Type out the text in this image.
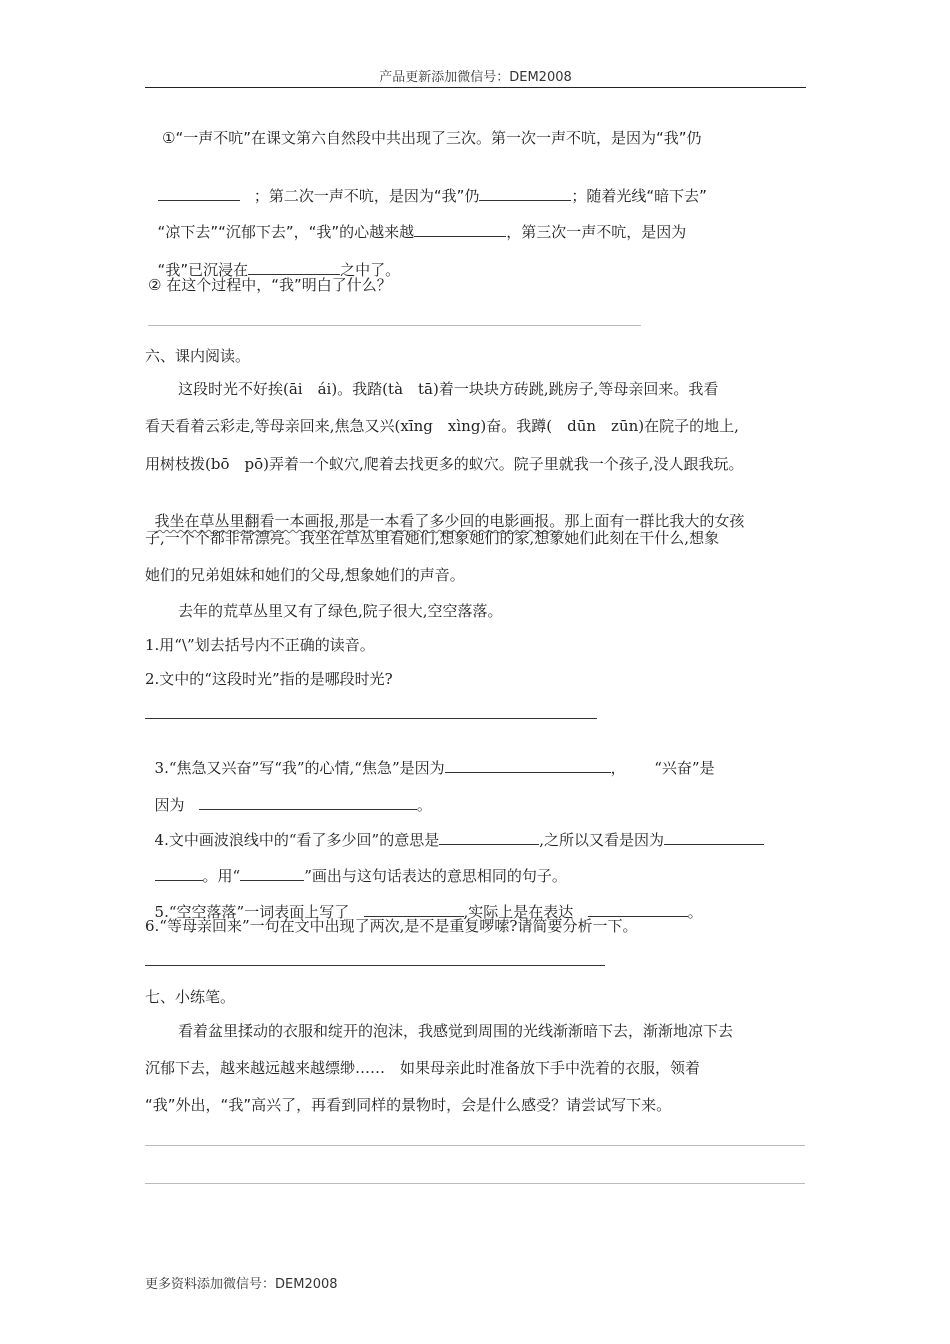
产品更新添加微信号：DEM2008
①“一声不吭”在课文第六自然段中共出现了三次。第一次一声不吭，是因为“我”仍

；第二次一声不吭，是因为“我”仍	；随着光线“暗下去”

“凉下去”“沉郁下去”，“我”的心越来越	，第三次一声不吭，是因为

“我”已沉浸在	之中了。

② 在这个过程中，“我”明白了什么？
六、课内阅读。
这段时光不好挨(āi　ái)。我踏(tà　tā)着一块块方砖跳,跳房子,等母亲回来。我看
看天看着云彩走,等母亲回来,焦急又兴(xīng　xìng)奋。我蹲(　dūn　zūn)在院子的地上,
用树枝拨(bō　pō)弄着一个蚁穴,爬着去找更多的蚁穴。院子里就我一个孩子,没人跟我玩。

我坐在草丛里翻看一本画报,那是一本看了多少回的电影画报。那上面有一群比我大的女孩

子,一个个都非常漂亮。我坐在草丛里看她们,想象她们的家,想象她们此刻在干什么,想象
她们的兄弟姐妹和她们的父母,想象她们的声音。
去年的荒草丛里又有了绿色,院子很大,空空落落。
1.用“\”划去括号内不正确的读音。
2.文中的“这段时光”指的是哪段时光?

3.“焦急又兴奋”写“我”的心情,“焦急”是因为	， “兴奋”是

因为	。

4.文中画波浪线中的“看了多少回”的意思是	,之所以又看是因为

。用“	”画出与这句话表达的意思相同的句子。

5.“空空落落”一词表面上写了	,实际上是在表达	。

6.“等母亲回来”一句在文中出现了两次,是不是重复啰嗦?请简要分析一下。
七、小练笔。
看着盆里揉动的衣服和绽开的泡沫，我感觉到周围的光线渐渐暗下去，渐渐地凉下去
沉郁下去，越来越远越来越缥缈……　如果母亲此时准备放下手中洗着的衣服，领着
“我”外出，“我”高兴了，再看到同样的景物时，会是什么感受？请尝试写下来。
更多资料添加微信号：DEM2008
